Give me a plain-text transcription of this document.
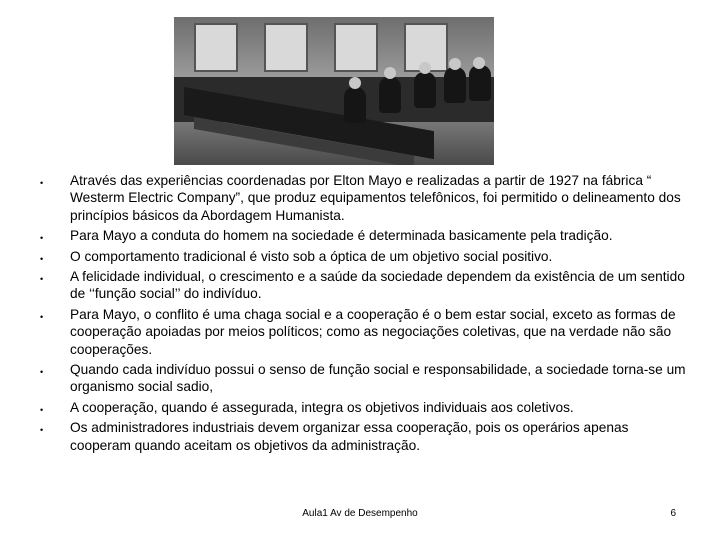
• Através das experiências coordenadas por Elton Mayo e realizadas a partir de 1927 na fábrica “ Westerm Electric Company”, que produz equipamentos telefônicos, foi permitido o delineamento dos princípios básicos da Abordagem Humanista.
• Para Mayo a conduta do homem na sociedade é determinada basicamente pela tradição.
• O comportamento tradicional é visto sob a óptica de um objetivo social positivo.
• A felicidade individual, o crescimento e a saúde da sociedade dependem da existência de um sentido de ‘‘função social’’ do indivíduo.
• Para Mayo, o conflito é uma chaga social e a cooperação é o bem estar social, exceto as formas de cooperação apoiadas por meios políticos; como as negociações coletivas, que na verdade não são cooperações.
• Quando cada indivíduo possui o senso de função social e responsabilidade, a sociedade torna-se um organismo social sadio,
• A cooperação, quando é assegurada, integra os objetivos individuais aos coletivos.
• Os administradores industriais devem organizar essa cooperação, pois os operários apenas cooperam quando aceitam os objetivos da administração.
Aula1 Av de Desempenho	6
